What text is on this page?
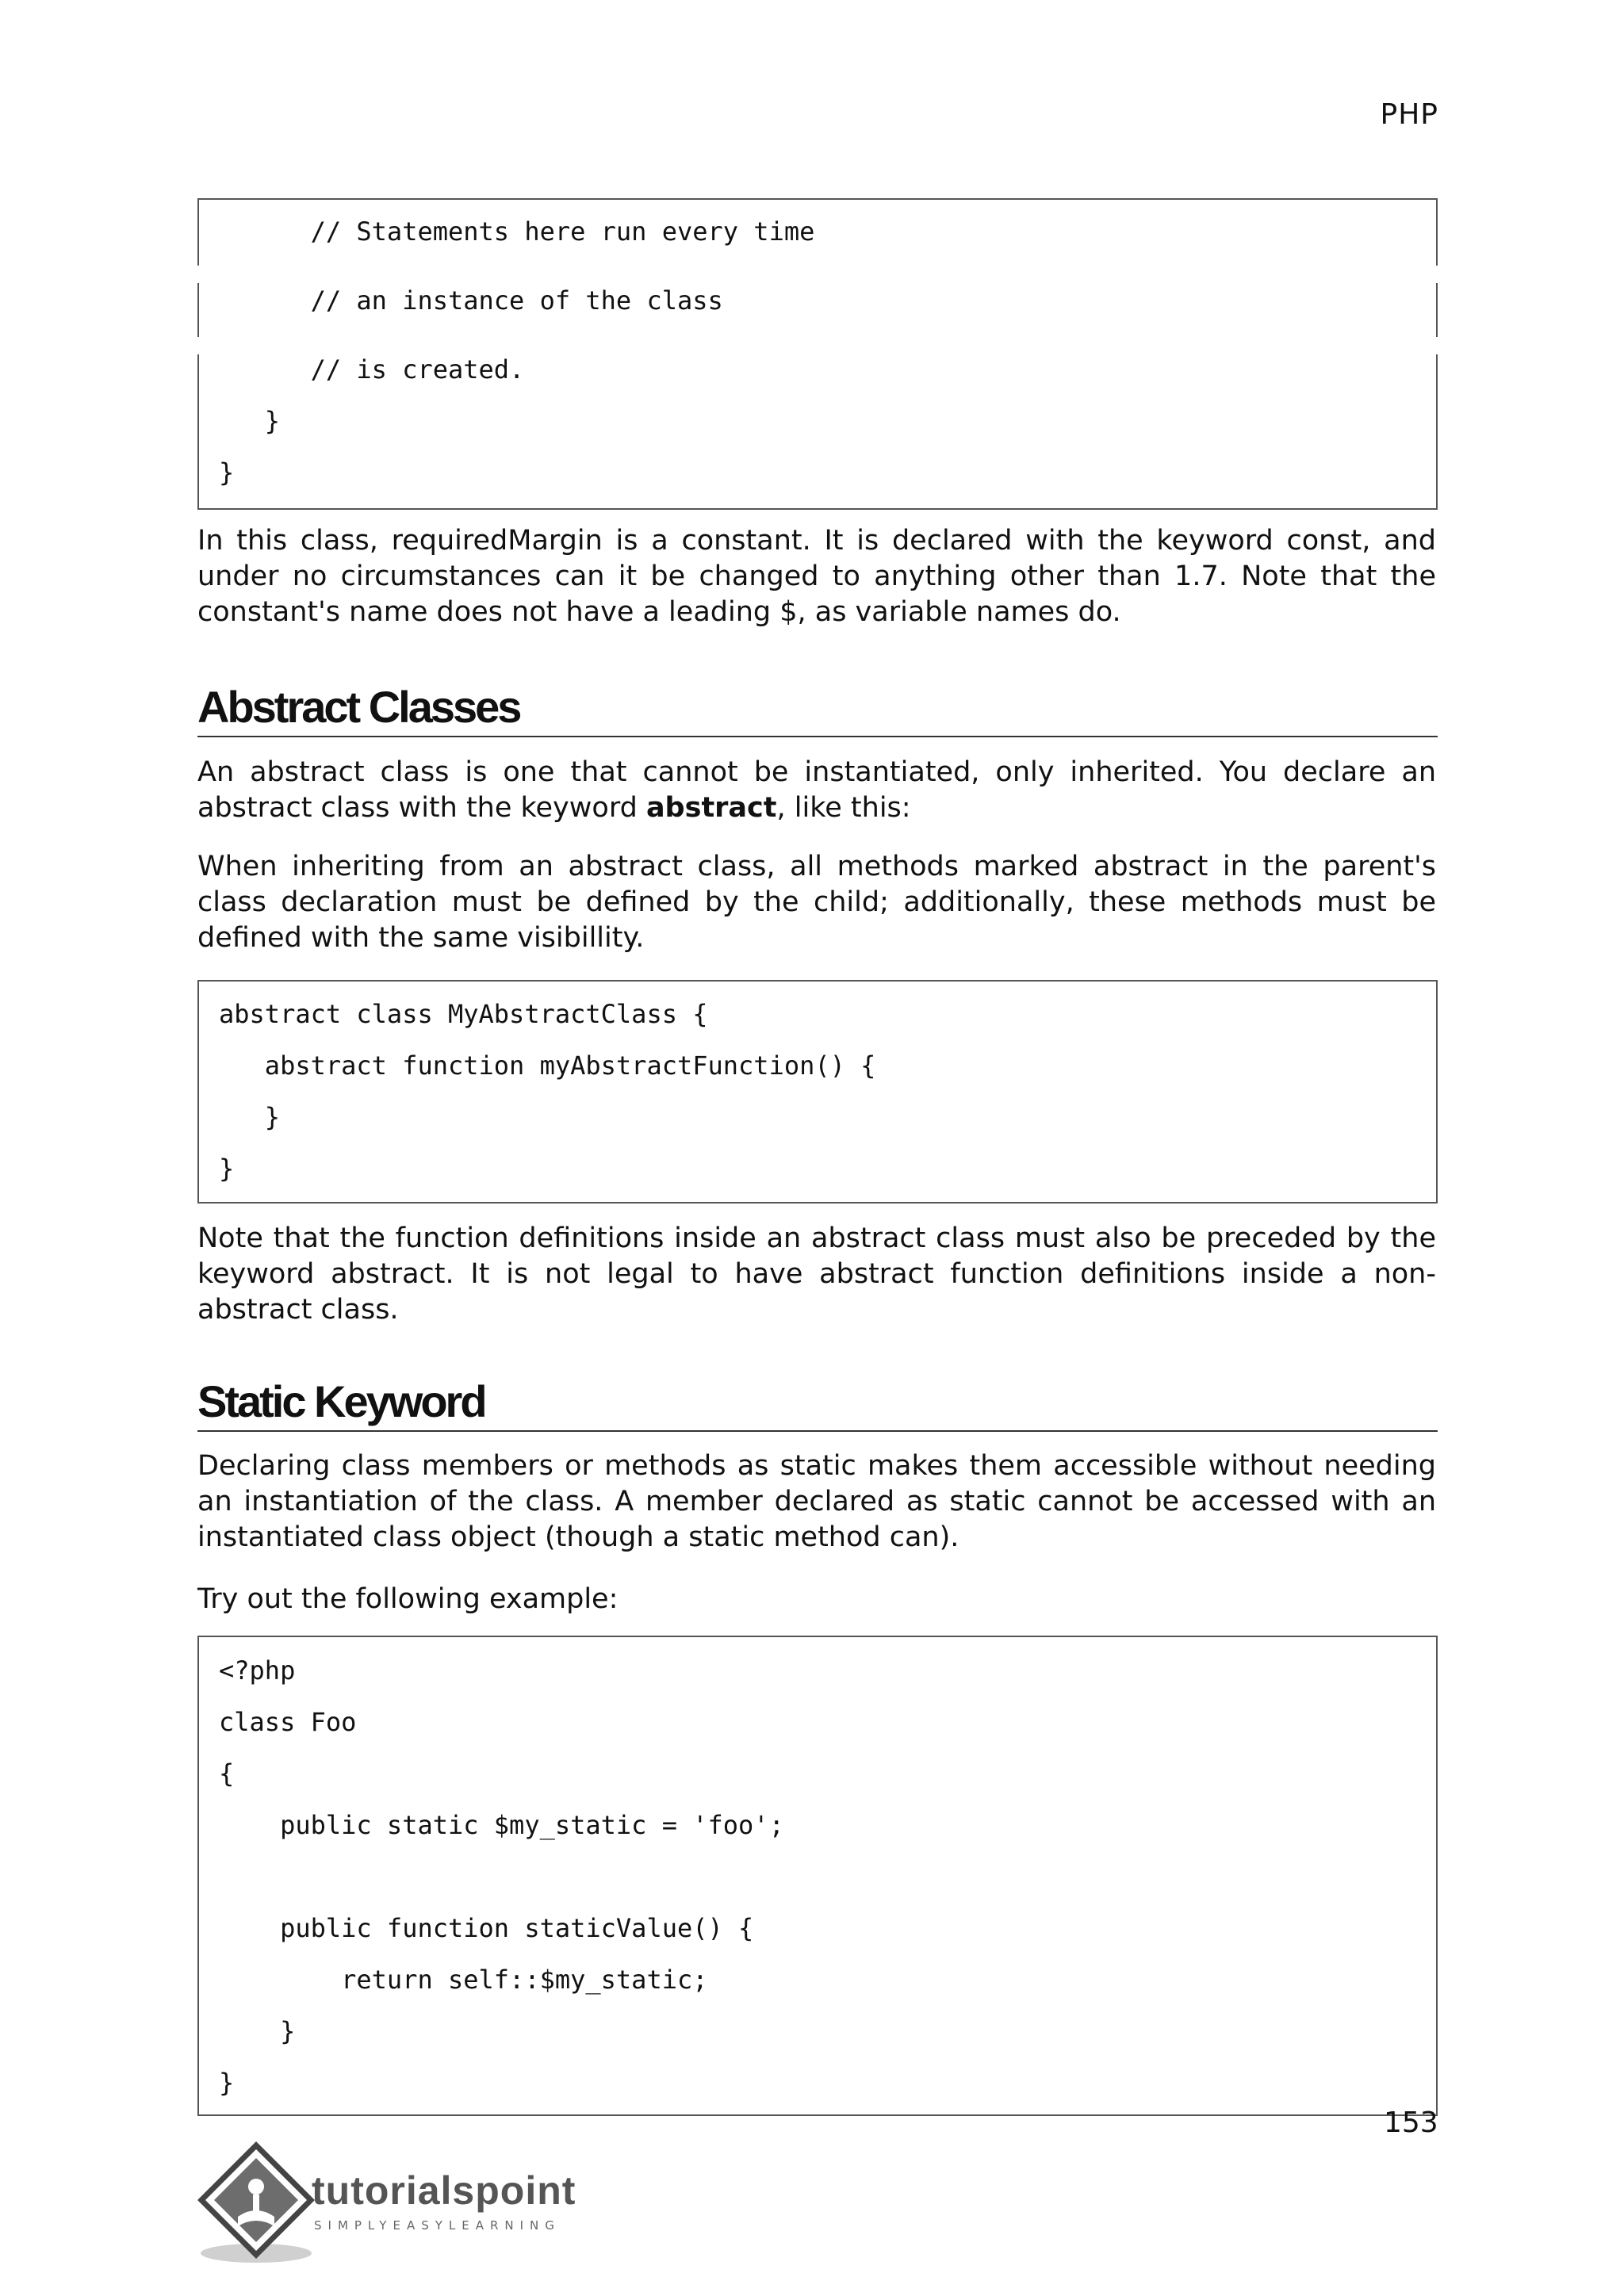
PHP
// Statements here run every time
// an instance of the class
// is created.
}
}

In this class, requiredMargin is a constant. It is declared with the keyword const, and under no circumstances can it be changed to anything other than 1.7. Note that the constant's name does not have a leading $, as variable names do.

Abstract Classes

An abstract class is one that cannot be instantiated, only inherited. You declare an abstract class with the keyword abstract, like this:

When inheriting from an abstract class, all methods marked abstract in the parent's class declaration must be defined by the child; additionally, these methods must be defined with the same visibillity.

abstract class MyAbstractClass {
abstract function myAbstractFunction() {
}
}

Note that the function definitions inside an abstract class must also be preceded by the keyword abstract. It is not legal to have abstract function definitions inside a non-abstract class.

Static Keyword

Declaring class members or methods as static makes them accessible without needing an instantiation of the class. A member declared as static cannot be accessed with an instantiated class object (though a static method can).

Try out the following example:

<?php
class Foo
{
public static $my_static = 'foo';
public function staticValue() {
return self::$my_static;
}
}
153
tutorialspoint
SIMPLYEASYLEARNING
